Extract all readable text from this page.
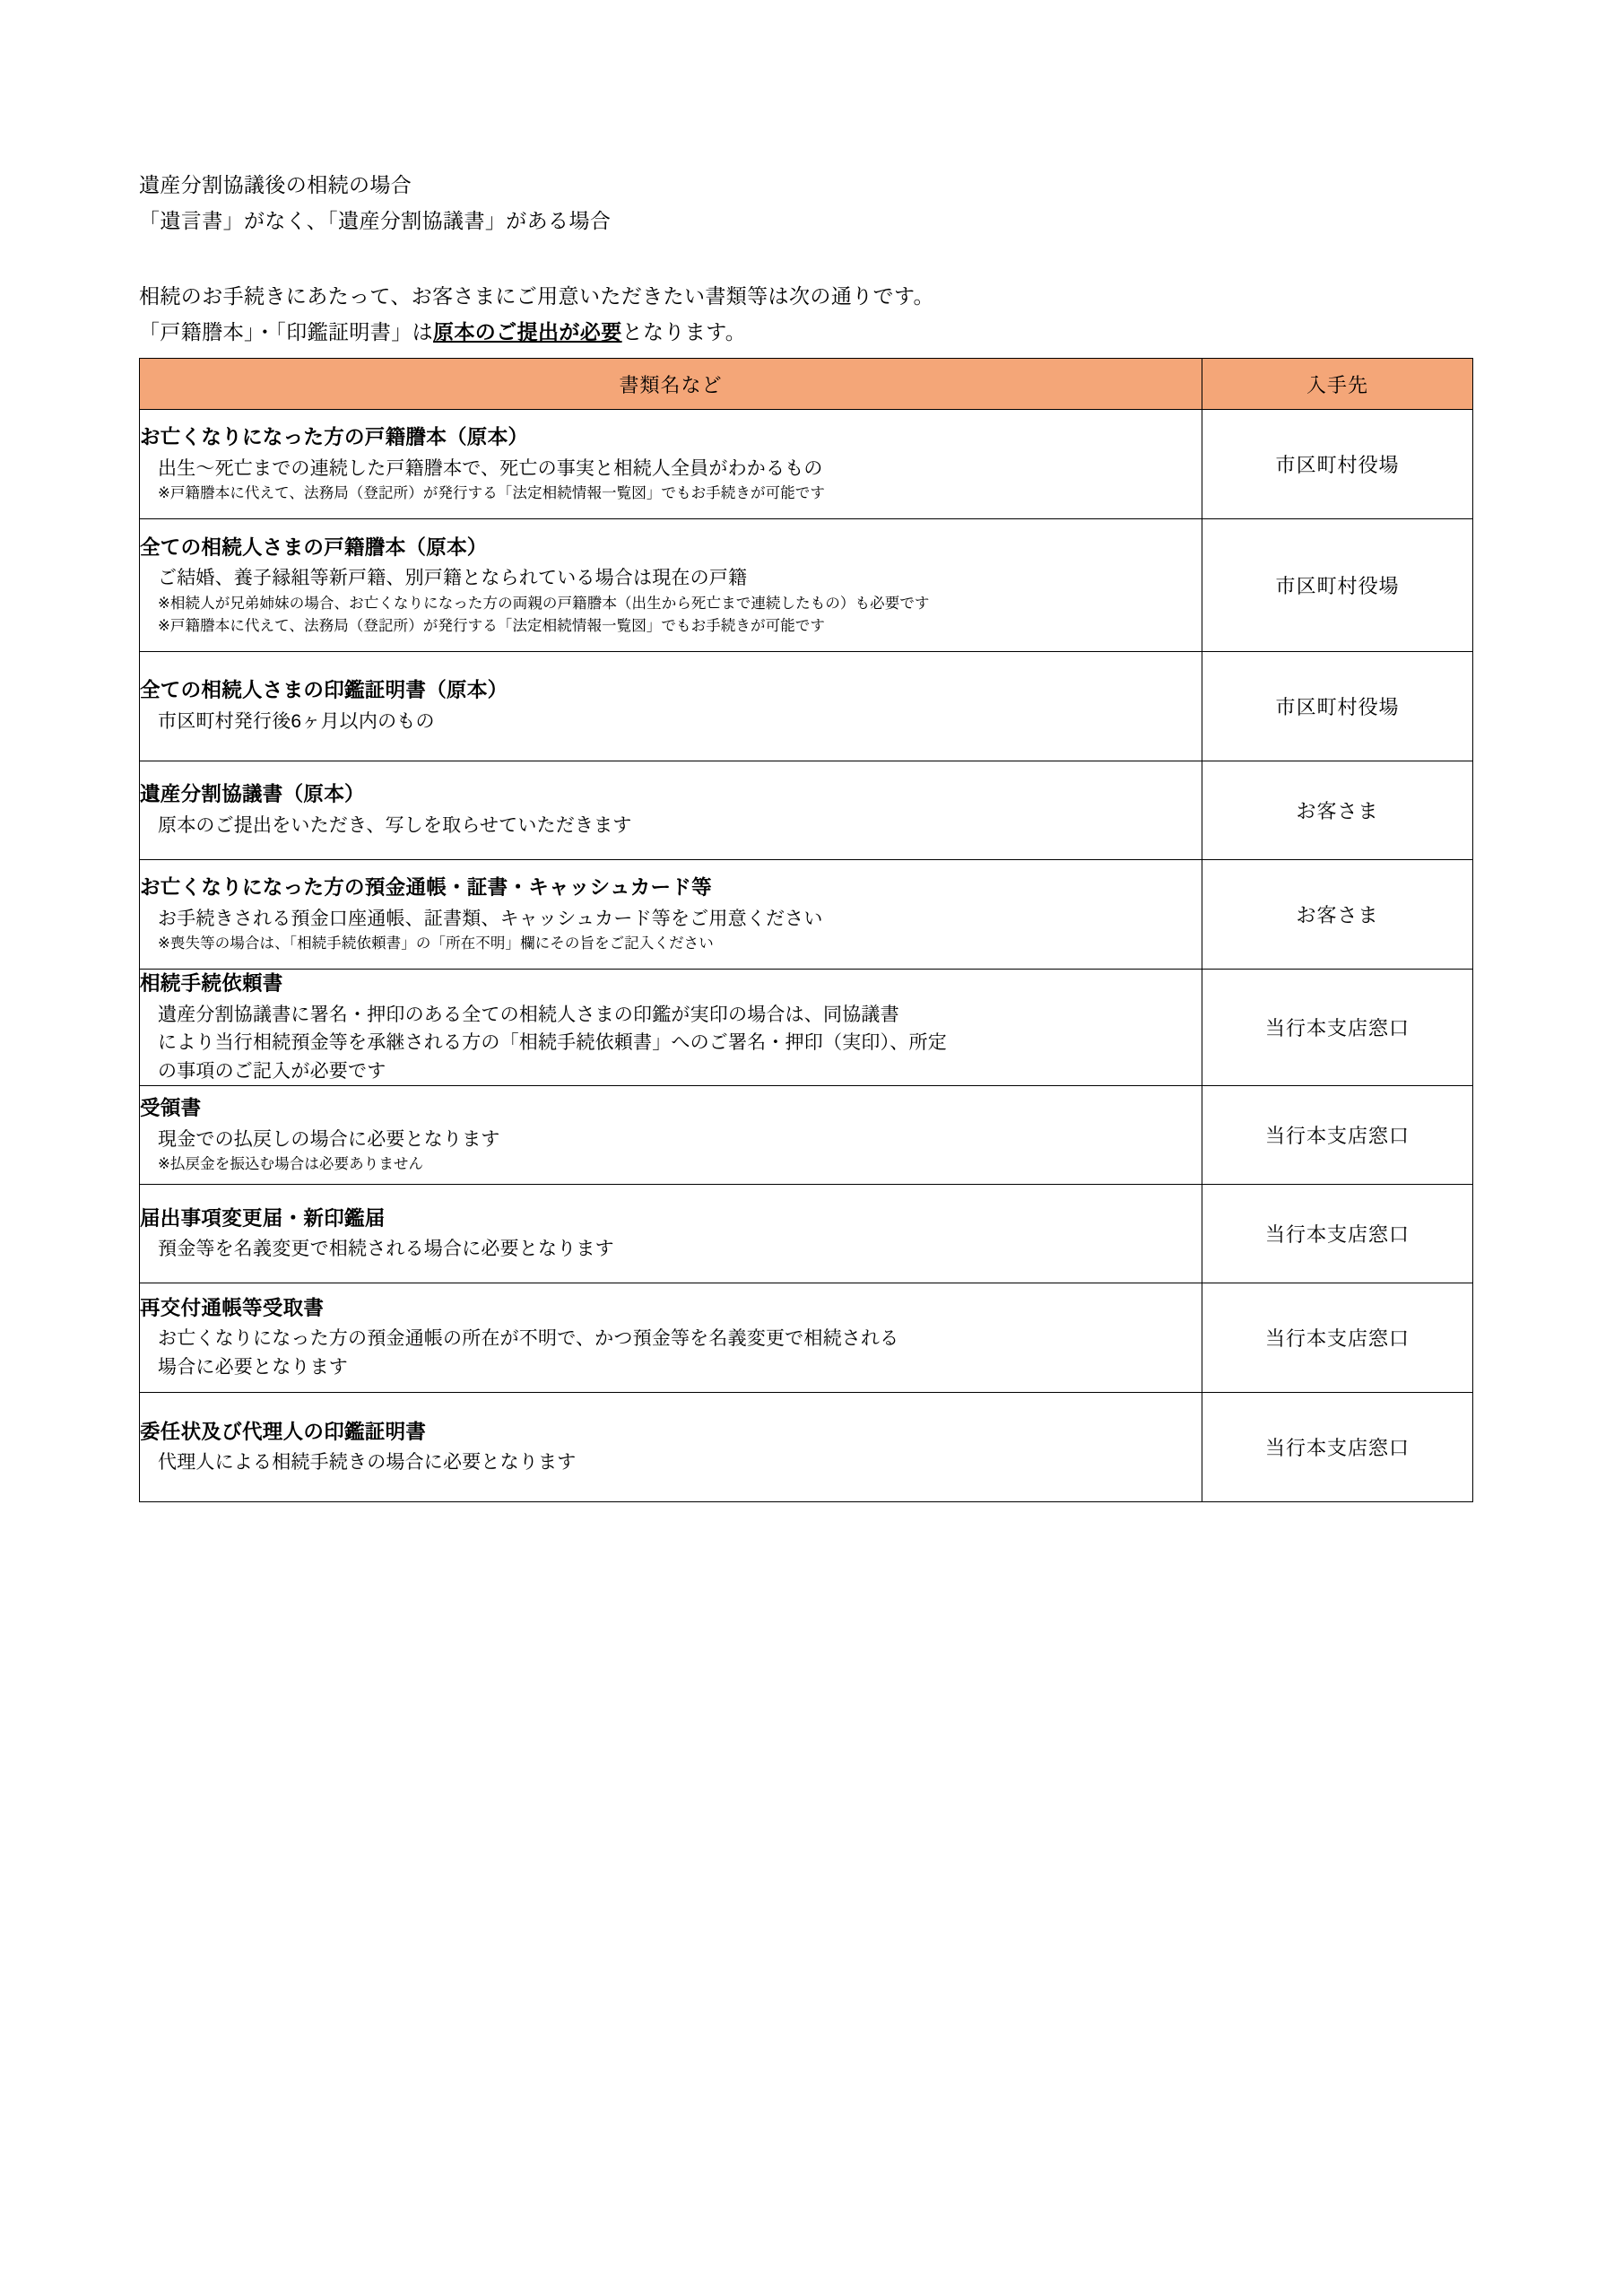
遺産分割協議後の相続の場合
「遺言書」がなく、「遺産分割協議書」がある場合
相続のお手続きにあたって、お客さまにご用意いただきたい書類等は次の通りです。
「戸籍謄本」・「印鑑証明書」は原本のご提出が必要となります。
書類名など	入手先

お亡くなりになった方の戸籍謄本（原本）
出生～死亡までの連続した戸籍謄本で、死亡の事実と相続人全員がわかるもの
※戸籍謄本に代えて、法務局（登記所）が発行する「法定相続情報一覧図」でもお手続きが可能です	市区町村役場

全ての相続人さまの戸籍謄本（原本）
ご結婚、養子縁組等新戸籍、別戸籍となられている場合は現在の戸籍
※相続人が兄弟姉妹の場合、お亡くなりになった方の両親の戸籍謄本（出生から死亡まで連続したもの）も必要です
※戸籍謄本に代えて、法務局（登記所）が発行する「法定相続情報一覧図」でもお手続きが可能です	市区町村役場

全ての相続人さまの印鑑証明書（原本）
市区町村発行後6ヶ月以内のもの	市区町村役場

遺産分割協議書（原本）
原本のご提出をいただき、写しを取らせていただきます	お客さま

お亡くなりになった方の預金通帳・証書・キャッシュカード等
お手続きされる預金口座通帳、証書類、キャッシュカード等をご用意ください
※喪失等の場合は、「相続手続依頼書」の「所在不明」欄にその旨をご記入ください	お客さま

相続手続依頼書
遺産分割協議書に署名・押印のある全ての相続人さまの印鑑が実印の場合は、同協議書
により当行相続預金等を承継される方の「相続手続依頼書」へのご署名・押印（実印）、所定
の事項のご記入が必要です	当行本支店窓口

受領書
現金での払戻しの場合に必要となります
※払戻金を振込む場合は必要ありません	当行本支店窓口

届出事項変更届・新印鑑届
預金等を名義変更で相続される場合に必要となります	当行本支店窓口

再交付通帳等受取書
お亡くなりになった方の預金通帳の所在が不明で、かつ預金等を名義変更で相続される
場合に必要となります	当行本支店窓口

委任状及び代理人の印鑑証明書
代理人による相続手続きの場合に必要となります	当行本支店窓口
